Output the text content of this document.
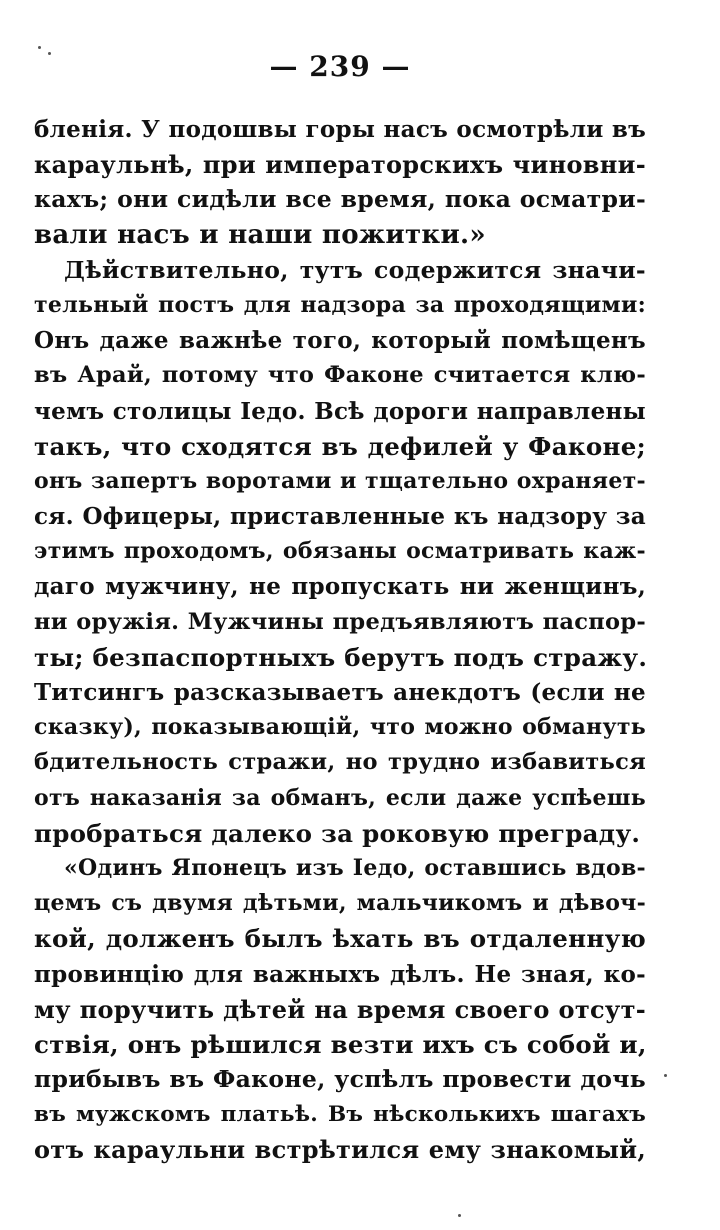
— 239 —
бленія. У подошвы горы насъ осмотрѣли въ
караульнѣ, при императорскихъ чиновни-
кахъ; они сидѣли все время, пока осматри-
вали насъ и наши пожитки.»
Дѣйствительно, тутъ содержится значи-
тельный постъ для надзора за проходящими:
Онъ даже важнѣе того, который помѣщенъ
въ Арай, потому что Факоне считается клю-
чемъ столицы Іедо. Всѣ дороги направлены
такъ, что сходятся въ дефилей у Факоне;
онъ запертъ воротами и тщательно охраняет-
ся. Офицеры, приставленные къ надзору за
этимъ проходомъ, обязаны осматривать каж-
даго мужчину, не пропускать ни женщинъ,
ни оружія. Мужчины предъявляютъ паспор-
ты; безпаспортныхъ берутъ подъ стражу.
Титсингъ разсказываетъ анекдотъ (если не
сказку), показывающій, что можно обмануть
бдительность стражи, но трудно избавиться
отъ наказанія за обманъ, если даже успѣешь
пробраться далеко за роковую преграду.
«Одинъ Японецъ изъ Іедо, оставшись вдов-
цемъ съ двумя дѣтьми, мальчикомъ и дѣвоч-
кой, долженъ былъ ѣхать въ отдаленную
провинцію для важныхъ дѣлъ. Не зная, ко-
му поручить дѣтей на время своего отсут-
ствія, онъ рѣшился везти ихъ съ собой и,
прибывъ въ Факоне, успѣлъ провести дочь
въ мужскомъ платьѣ. Въ нѣсколькихъ шагахъ
отъ караульни встрѣтился ему знакомый,
